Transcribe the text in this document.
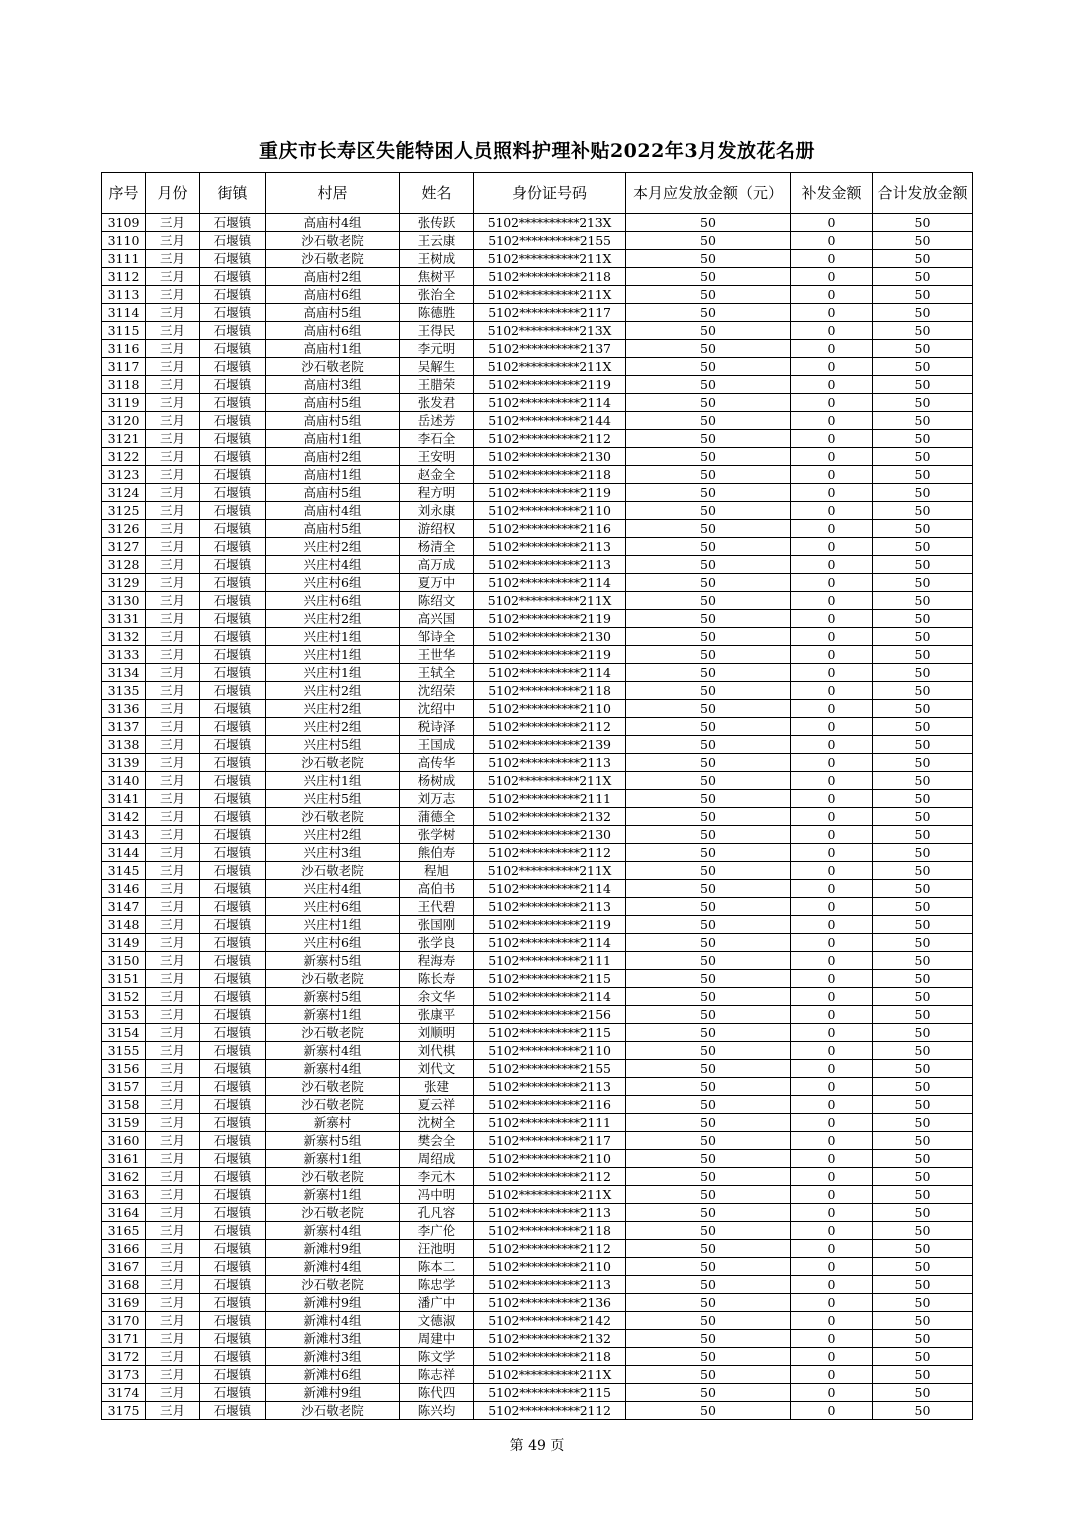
重庆市长寿区失能特困人员照料护理补贴2022年3月发放花名册
序号	月份	街镇	村居	姓名	身份证号码	本月应发放金额（元）	补发金额	合计发放金额
3109	三月	石堰镇	高庙村4组	张传跃	5102**********213X	50	0	50
3110	三月	石堰镇	沙石敬老院	王云康	5102**********2155	50	0	50
3111	三月	石堰镇	沙石敬老院	王树成	5102**********211X	50	0	50
3112	三月	石堰镇	高庙村2组	焦树平	5102**********2118	50	0	50
3113	三月	石堰镇	高庙村6组	张治全	5102**********211X	50	0	50
3114	三月	石堰镇	高庙村5组	陈德胜	5102**********2117	50	0	50
3115	三月	石堰镇	高庙村6组	王得民	5102**********213X	50	0	50
3116	三月	石堰镇	高庙村1组	李元明	5102**********2137	50	0	50
3117	三月	石堰镇	沙石敬老院	吴解生	5102**********211X	50	0	50
3118	三月	石堰镇	高庙村3组	王腊荣	5102**********2119	50	0	50
3119	三月	石堰镇	高庙村5组	张发君	5102**********2114	50	0	50
3120	三月	石堰镇	高庙村5组	岳述芳	5102**********2144	50	0	50
3121	三月	石堰镇	高庙村1组	李石全	5102**********2112	50	0	50
3122	三月	石堰镇	高庙村2组	王安明	5102**********2130	50	0	50
3123	三月	石堰镇	高庙村1组	赵金全	5102**********2118	50	0	50
3124	三月	石堰镇	高庙村5组	程方明	5102**********2119	50	0	50
3125	三月	石堰镇	高庙村4组	刘永康	5102**********2110	50	0	50
3126	三月	石堰镇	高庙村5组	游绍权	5102**********2116	50	0	50
3127	三月	石堰镇	兴庄村2组	杨清全	5102**********2113	50	0	50
3128	三月	石堰镇	兴庄村4组	高万成	5102**********2113	50	0	50
3129	三月	石堰镇	兴庄村6组	夏万中	5102**********2114	50	0	50
3130	三月	石堰镇	兴庄村6组	陈绍文	5102**********211X	50	0	50
3131	三月	石堰镇	兴庄村2组	高兴国	5102**********2119	50	0	50
3132	三月	石堰镇	兴庄村1组	邹诗全	5102**********2130	50	0	50
3133	三月	石堰镇	兴庄村1组	王世华	5102**********2119	50	0	50
3134	三月	石堰镇	兴庄村1组	王轼全	5102**********2114	50	0	50
3135	三月	石堰镇	兴庄村2组	沈绍荣	5102**********2118	50	0	50
3136	三月	石堰镇	兴庄村2组	沈绍中	5102**********2110	50	0	50
3137	三月	石堰镇	兴庄村2组	税诗泽	5102**********2112	50	0	50
3138	三月	石堰镇	兴庄村5组	王国成	5102**********2139	50	0	50
3139	三月	石堰镇	沙石敬老院	高传华	5102**********2113	50	0	50
3140	三月	石堰镇	兴庄村1组	杨树成	5102**********211X	50	0	50
3141	三月	石堰镇	兴庄村5组	刘万志	5102**********2111	50	0	50
3142	三月	石堰镇	沙石敬老院	蒲德全	5102**********2132	50	0	50
3143	三月	石堰镇	兴庄村2组	张学树	5102**********2130	50	0	50
3144	三月	石堰镇	兴庄村3组	熊伯寿	5102**********2112	50	0	50
3145	三月	石堰镇	沙石敬老院	程旭	5102**********211X	50	0	50
3146	三月	石堰镇	兴庄村4组	高伯书	5102**********2114	50	0	50
3147	三月	石堰镇	兴庄村6组	王代碧	5102**********2113	50	0	50
3148	三月	石堰镇	兴庄村1组	张国刚	5102**********2119	50	0	50
3149	三月	石堰镇	兴庄村6组	张学良	5102**********2114	50	0	50
3150	三月	石堰镇	新寨村5组	程海寿	5102**********2111	50	0	50
3151	三月	石堰镇	沙石敬老院	陈长寿	5102**********2115	50	0	50
3152	三月	石堰镇	新寨村5组	余文华	5102**********2114	50	0	50
3153	三月	石堰镇	新寨村1组	张康平	5102**********2156	50	0	50
3154	三月	石堰镇	沙石敬老院	刘顺明	5102**********2115	50	0	50
3155	三月	石堰镇	新寨村4组	刘代棋	5102**********2110	50	0	50
3156	三月	石堰镇	新寨村4组	刘代文	5102**********2155	50	0	50
3157	三月	石堰镇	沙石敬老院	张建	5102**********2113	50	0	50
3158	三月	石堰镇	沙石敬老院	夏云祥	5102**********2116	50	0	50
3159	三月	石堰镇	新寨村	沈树全	5102**********2111	50	0	50
3160	三月	石堰镇	新寨村5组	樊会全	5102**********2117	50	0	50
3161	三月	石堰镇	新寨村1组	周绍成	5102**********2110	50	0	50
3162	三月	石堰镇	沙石敬老院	李元木	5102**********2112	50	0	50
3163	三月	石堰镇	新寨村1组	冯中明	5102**********211X	50	0	50
3164	三月	石堰镇	沙石敬老院	孔凡容	5102**********2113	50	0	50
3165	三月	石堰镇	新寨村4组	李广伦	5102**********2118	50	0	50
3166	三月	石堰镇	新滩村9组	汪池明	5102**********2112	50	0	50
3167	三月	石堰镇	新滩村4组	陈本二	5102**********2110	50	0	50
3168	三月	石堰镇	沙石敬老院	陈忠学	5102**********2113	50	0	50
3169	三月	石堰镇	新滩村9组	潘广中	5102**********2136	50	0	50
3170	三月	石堰镇	新滩村4组	文德淑	5102**********2142	50	0	50
3171	三月	石堰镇	新滩村3组	周建中	5102**********2132	50	0	50
3172	三月	石堰镇	新滩村3组	陈文学	5102**********2118	50	0	50
3173	三月	石堰镇	新滩村6组	陈志祥	5102**********211X	50	0	50
3174	三月	石堰镇	新滩村9组	陈代四	5102**********2115	50	0	50
3175	三月	石堰镇	沙石敬老院	陈兴均	5102**********2112	50	0	50
第 49 页
